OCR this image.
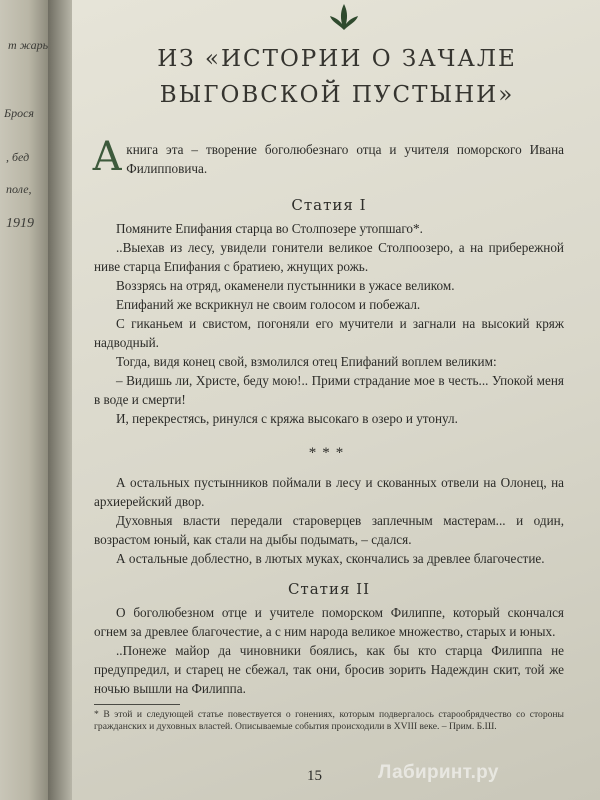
т жарь
Брося
, бед
поле,
1919
ИЗ «ИСТОРИИ О ЗАЧАЛЕ
ВЫГОВСКОЙ ПУСТЫНИ»

Акнига эта – творение боголюбезнаго отца и учителя поморского Ивана Филипповича.

Статия I

Помяните Епифания старца во Столпозере утопшаго*.

..Выехав из лесу, увидели гонители великое Столпоозеро, а на прибережной ниве старца Епифания с братиею, жнущих рожь.

Воззрясь на отряд, окаменели пустынники в ужасе великом.

Епифаний же вскрикнул не своим голосом и побежал.

С гиканьем и свистом, погоняли его мучители и загнали на высокий кряж надводный.

Тогда, видя конец свой, взмолился отец Епифаний воплем великим:

– Видишь ли, Христе, беду мою!.. Прими страдание мое в честь... Упокой меня в воде и смерти!

И, перекрестясь, ринулся с кряжа высокаго в озеро и утонул.

***

А остальных пустынников поймали в лесу и скованных отвели на Олонец, на архиерейский двор.

Духовныя власти передали староверцев заплечным мастерам... и один, возрастом юный, как стали на дыбы подымать, – сдался.

А остальные доблестно, в лютых муках, скончались за древлее благочестие.

Статия II

О боголюбезном отце и учителе поморском Филиппе, который скончался огнем за древлее благочестие, а с ним народа великое множество, старых и юных.

..Понеже майор да чиновники боялись, как бы кто старца Филиппа не предупредил, и старец не сбежал, так они, бросив зорить Надеждин скит, той же ночью вышли на Филиппа.

* В этой и следующей статье повествуется о гонениях, которым подвергалось старообрядчество со стороны гражданских и духовных властей. Описываемые события происходили в XVIII веке. – Прим. Б.Ш.
15	Лабиринт.ру
